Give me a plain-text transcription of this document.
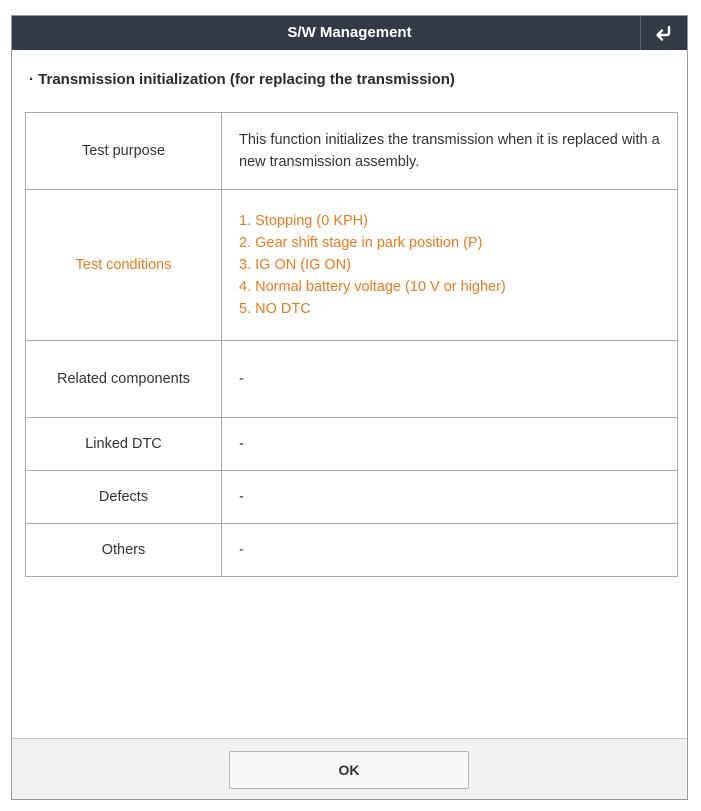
S/W Management
· Transmission initialization (for replacing the transmission)
Test purpose	This function initializes the transmission when it is replaced with a new transmission assembly.
Test conditions	1. Stopping (0 KPH)
2. Gear shift stage in park position (P)
3. IG ON (IG ON)
4. Normal battery voltage (10 V or higher)
5. NO DTC

Related components	-
Linked DTC	-
Defects	-
Others	-
OK
